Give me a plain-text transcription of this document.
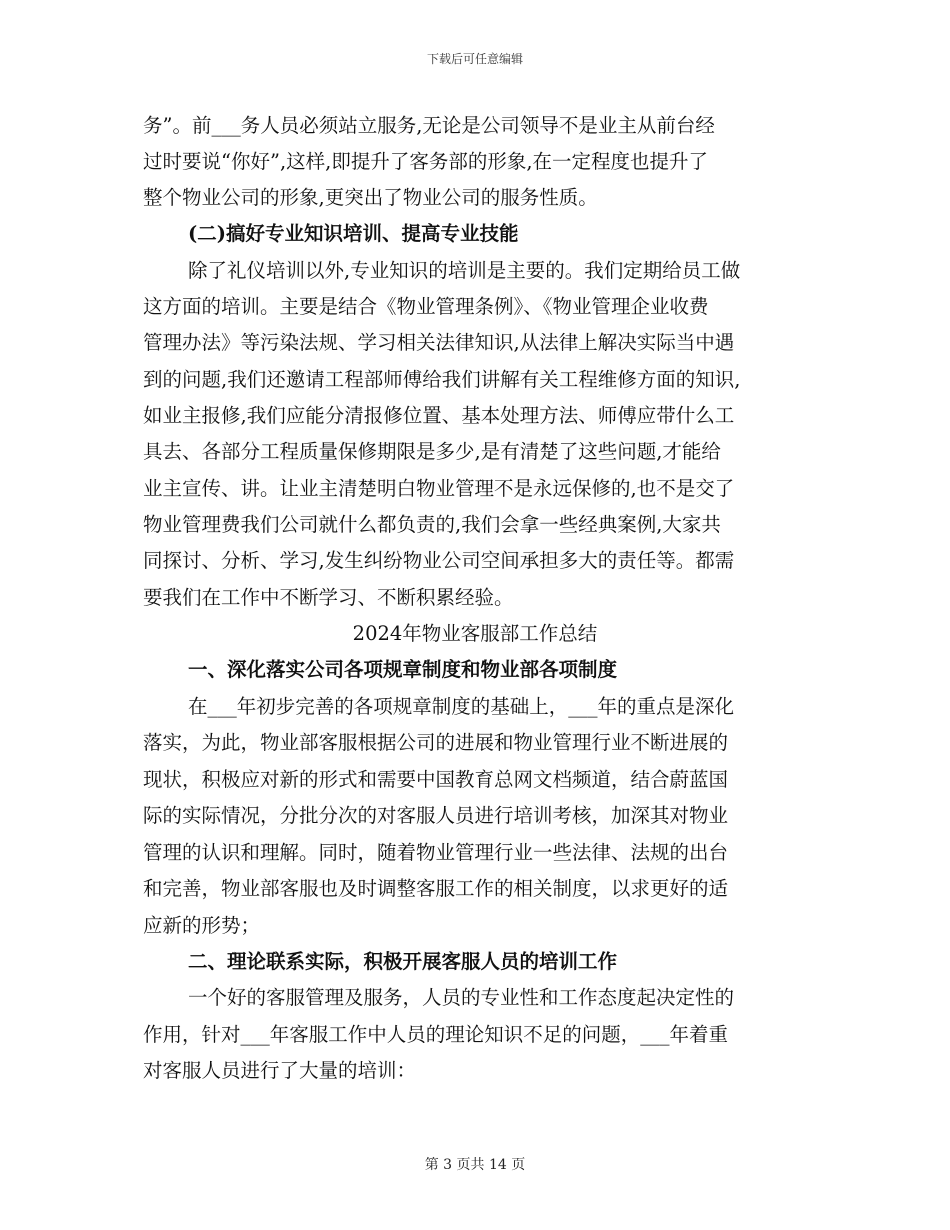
下载后可任意编辑
务”。前___务人员必须站立服务,无论是公司领导不是业主从前台经
过时要说“你好”,这样,即提升了客务部的形象,在一定程度也提升了
整个物业公司的形象,更突出了物业公司的服务性质。
(二)搞好专业知识培训、提高专业技能
除了礼仪培训以外,专业知识的培训是主要的。我们定期给员工做
这方面的培训。主要是结合《物业管理条例》、《物业管理企业收费
管理办法》等污染法规、学习相关法律知识,从法律上解决实际当中遇
到的问题,我们还邀请工程部师傅给我们讲解有关工程维修方面的知识,
如业主报修,我们应能分清报修位置、基本处理方法、师傅应带什么工
具去、各部分工程质量保修期限是多少,是有清楚了这些问题,才能给
业主宣传、讲。让业主清楚明白物业管理不是永远保修的,也不是交了
物业管理费我们公司就什么都负责的,我们会拿一些经典案例,大家共
同探讨、分析、学习,发生纠纷物业公司空间承担多大的责任等。都需
要我们在工作中不断学习、不断积累经验。
2024年物业客服部工作总结
一、深化落实公司各项规章制度和物业部各项制度
在___年初步完善的各项规章制度的基础上，___年的重点是深化
落实，为此，物业部客服根据公司的进展和物业管理行业不断进展的
现状，积极应对新的形式和需要中国教育总网文档频道，结合蔚蓝国
际的实际情况，分批分次的对客服人员进行培训考核，加深其对物业
管理的认识和理解。同时，随着物业管理行业一些法律、法规的出台
和完善，物业部客服也及时调整客服工作的相关制度，以求更好的适
应新的形势；
二、理论联系实际，积极开展客服人员的培训工作
一个好的客服管理及服务，人员的专业性和工作态度起决定性的
作用，针对___年客服工作中人员的理论知识不足的问题，___年着重
对客服人员进行了大量的培训：
第 3 页共 14 页
